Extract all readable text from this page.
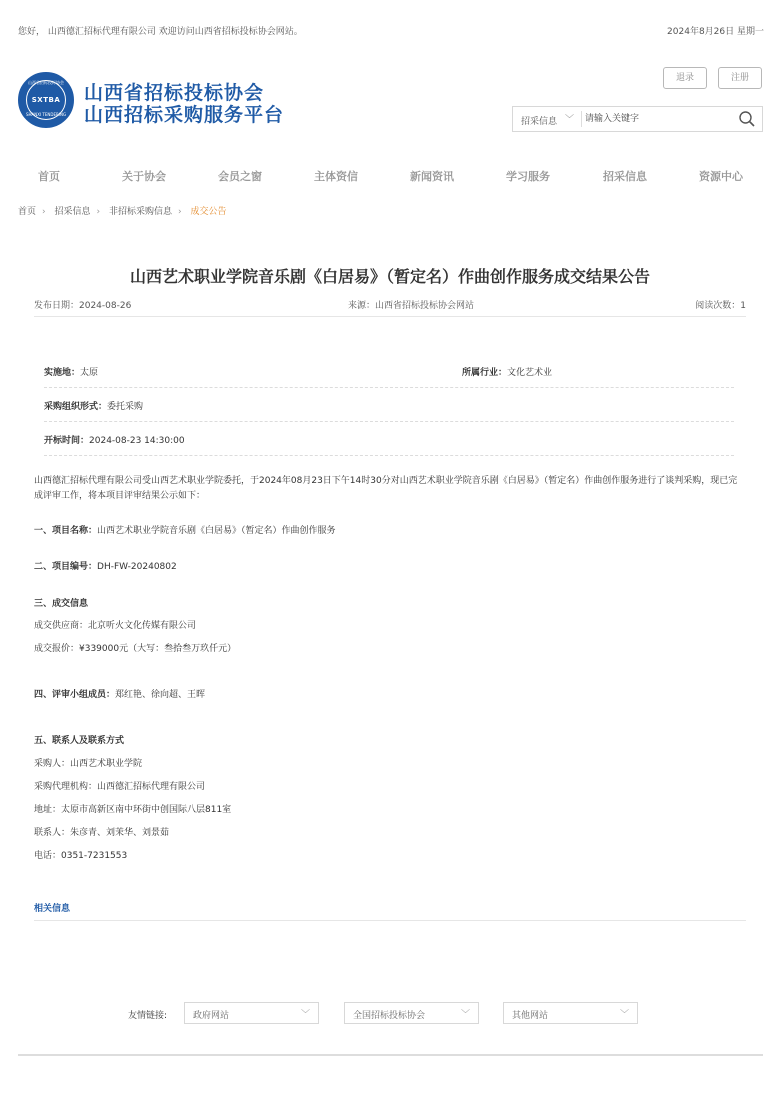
您好， 山西德汇招标代理有限公司 欢迎访问山西省招标投标协会网站。	2024年8月26日 星期一
山西省招标投标协会
SXTBA
SHANXI TENDERING
山西省招标投标协会
山西招标采购服务平台
退录	注册
招采信息 ﹀
请输入关键字
首页	关于协会	会员之窗	主体资信	新闻资讯	学习服务	招采信息	资源中心
首页 › 招采信息 › 非招标采购信息 › 成交公告
山西艺术职业学院音乐剧《白居易》（暂定名）作曲创作服务成交结果公告
发布日期：2024-08-26	来源：山西省招标投标协会网站	阅读次数：1
实施地：太原	所属行业：文化艺术业
采购组织形式：委托采购
开标时间：2024-08-23 14:30:00
山西德汇招标代理有限公司受山西艺术职业学院委托，于2024年08月23日下午14时30分对山西艺术职业学院音乐剧《白居易》（暂定名）作曲创作服务进行了谈判采购，现已完成评审工作，将本项目评审结果公示如下：
一、项目名称：山西艺术职业学院音乐剧《白居易》（暂定名）作曲创作服务
二、项目编号：DH-FW-20240802
三、成交信息
成交供应商：北京听火文化传媒有限公司
成交报价：¥339000元（大写：叁拾叁万玖仟元）
四、评审小组成员：郑红艳、徐向超、王晖
五、联系人及联系方式
采购人：山西艺术职业学院
采购代理机构：山西德汇招标代理有限公司
地址：太原市高新区南中环街中创国际八层811室
联系人：朱彦青、刘茉华、刘景茹
电话：0351-7231553
相关信息
友情链接:	政府网站	﹀	全国招标投标协会	﹀	其他网站	﹀
